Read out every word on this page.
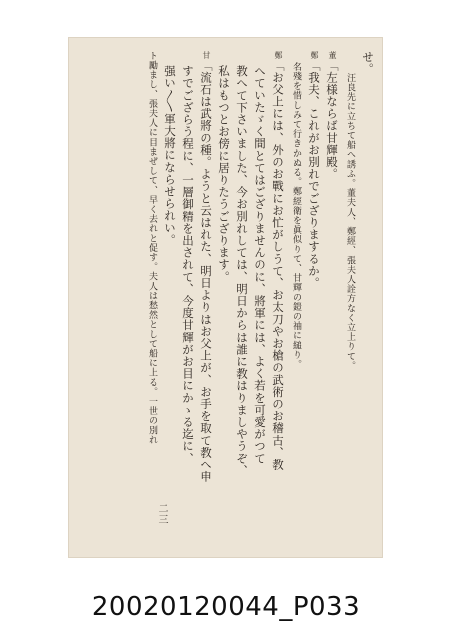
せ。
汪良先に立ちて船へ誘ふ。董夫人、鄭經、張夫人詮方なく立上りて。
董「左様ならば甘輝殿。
鄭「我夫、これがお別れでござりまするか。
名殘を惜しみて行きかぬる。鄭經衛を眞似りて、甘輝の鎧の袖に縋り。
鄭「お父上には、外のお戰にお忙がしうて、お太刀やお槍の武術のお稽古、教
へていたゞく間とてはござりませんのに、將軍には、よく若を可愛がつて
教へて下さいました、今お別れしては、明日からは誰に教はりましやうぞ、
私はもつとお傍に居りたうござります。
甘「流石は武將の種。ようと云はれた、明日よりはお父上が、お手を取て教へ申
すでござらう程に、一層御精を出されて、今度甘輝がお目にかゝる迄に、
强い〳〵軍大將にならせられい。
ト勵まし、張夫人に目まぜして、早く去れと促す。夫人は愁然として船に上る。一世の別れ
二三
20020120044_P033
